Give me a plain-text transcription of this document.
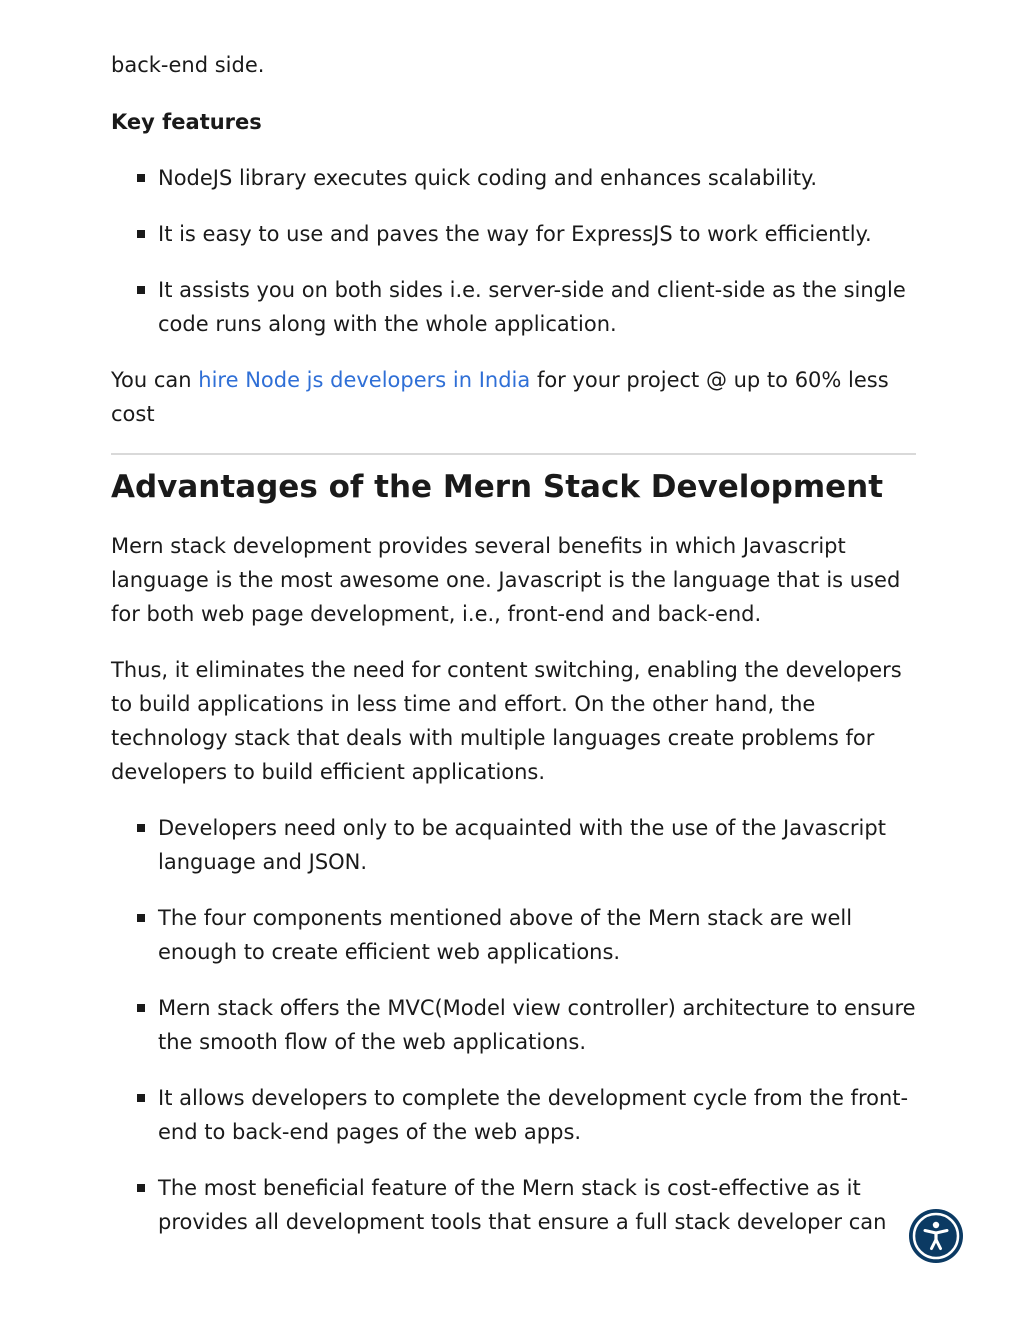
back-end side.

Key features
NodeJS library executes quick coding and enhances scalability.
It is easy to use and paves the way for ExpressJS to work efficiently.
It assists you on both sides i.e. server-side and client-side as the single code runs along with the whole application.

You can hire Node js developers in India for your project @ up to 60% less cost

Advantages of the Mern Stack Development

Mern stack development provides several benefits in which Javascript language is the most awesome one. Javascript is the language that is used for both web page development, i.e., front-end and back-end.

Thus, it eliminates the need for content switching, enabling the developers to build applications in less time and effort. On the other hand, the technology stack that deals with multiple languages create problems for developers to build efficient applications.

Developers need only to be acquainted with the use of the Javascript language and JSON.
The four components mentioned above of the Mern stack are well enough to create efficient web applications.
Mern stack offers the MVC(Model view controller) architecture to ensure the smooth flow of the web applications.
It allows developers to complete the development cycle from the front-end to back-end pages of the web apps.
The most beneficial feature of the Mern stack is cost-effective as it provides all development tools that ensure a full stack developer can
